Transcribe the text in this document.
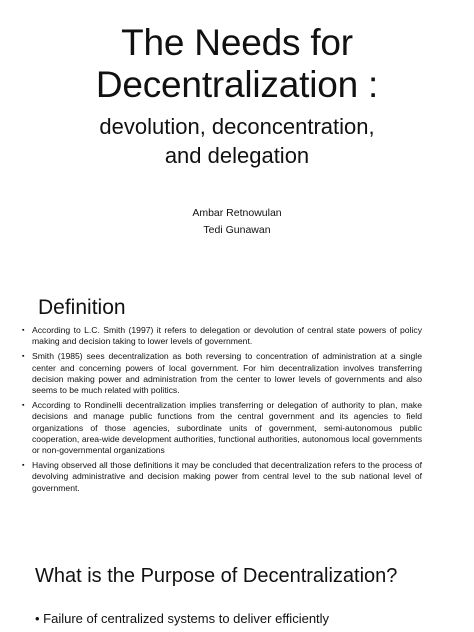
The Needs for
Decentralization :
devolution, deconcentration,
and delegation
Ambar Retnowulan
Tedi Gunawan
Definition
▪ According to L.C. Smith (1997) it refers to delegation or devolution of central state powers of policy making and decision taking to lower levels of government.
▪ Smith (1985) sees decentralization as both reversing to concentration of administration at a single center and concerning powers of local government. For him decentralization involves transferring decision making power and administration from the center to lower levels of governments and also seems to be much related with politics.
▪ According to Rondinelli decentralization implies transferring or delegation of authority to plan, make decisions and manage public functions from the central government and its agencies to field organizations of those agencies, subordinate units of government, semi-autonomous public cooperation, area-wide development authorities, functional authorities, autonomous local governments or non-governmental organizations
▪ Having observed all those definitions it may be concluded that decentralization refers to the process of devolving administrative and decision making power from central level to the sub national level of government.
What is the Purpose of Decentralization?
• Failure of centralized systems to deliver efficiently
